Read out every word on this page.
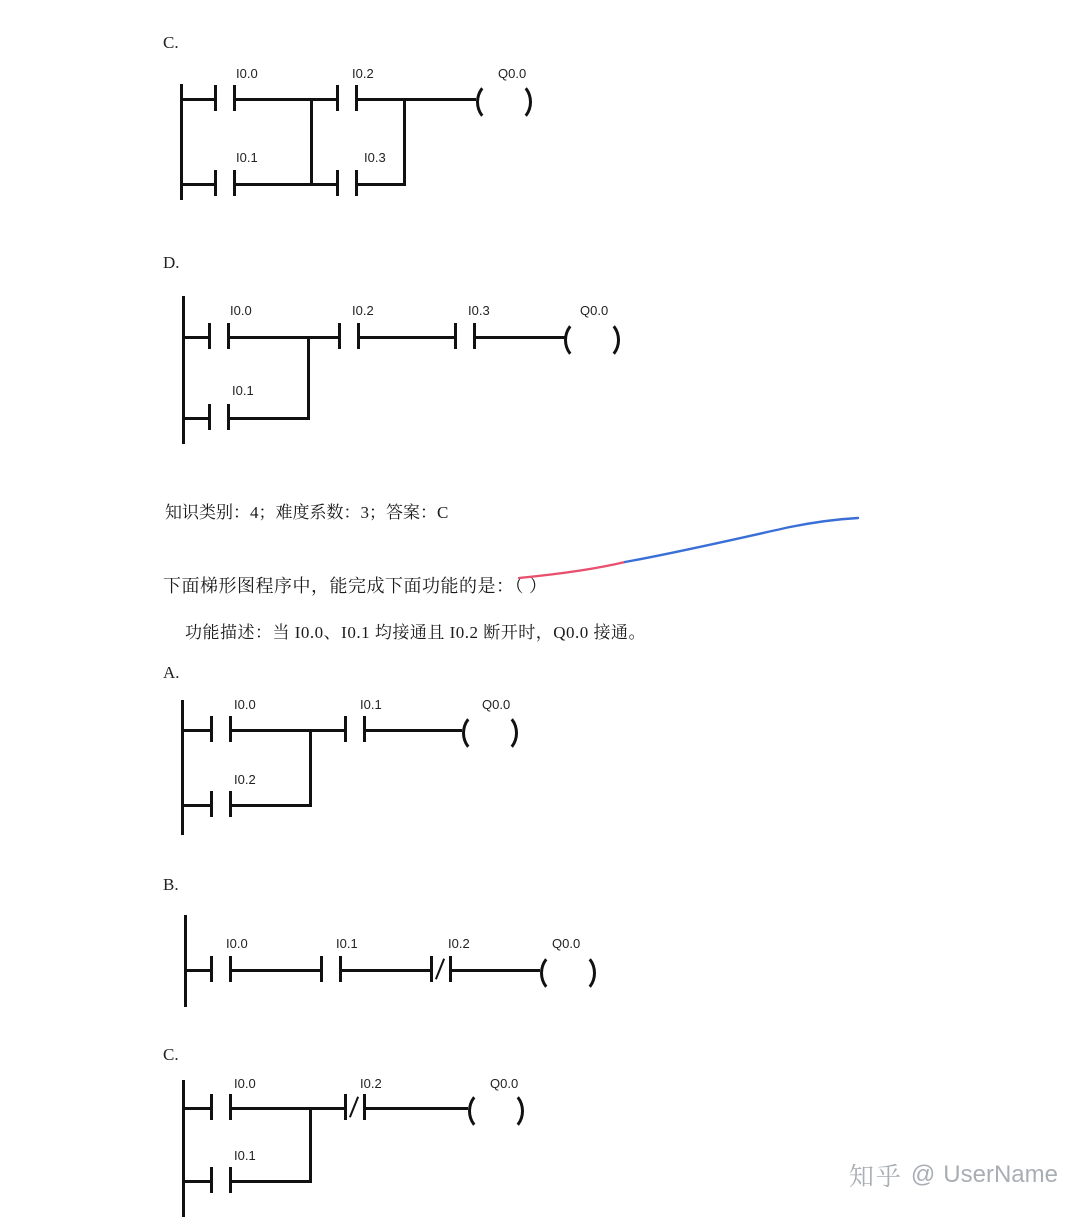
C.
I0.0	I0.2	Q0.0
I0.1	I0.3
D.
I0.0	I0.2	I0.3	Q0.0
I0.1
知识类别：4；难度系数：3；答案：C
下面梯形图程序中，能完成下面功能的是：（ ）
功能描述：当 I0.0、I0.1 均接通且 I0.2 断开时，Q0.0 接通。
A.
I0.0	I0.1	Q0.0
I0.2
B.
I0.0	I0.1	I0.2	Q0.0
C.
I0.0	I0.2	Q0.0
I0.1
知乎 @ UserName
